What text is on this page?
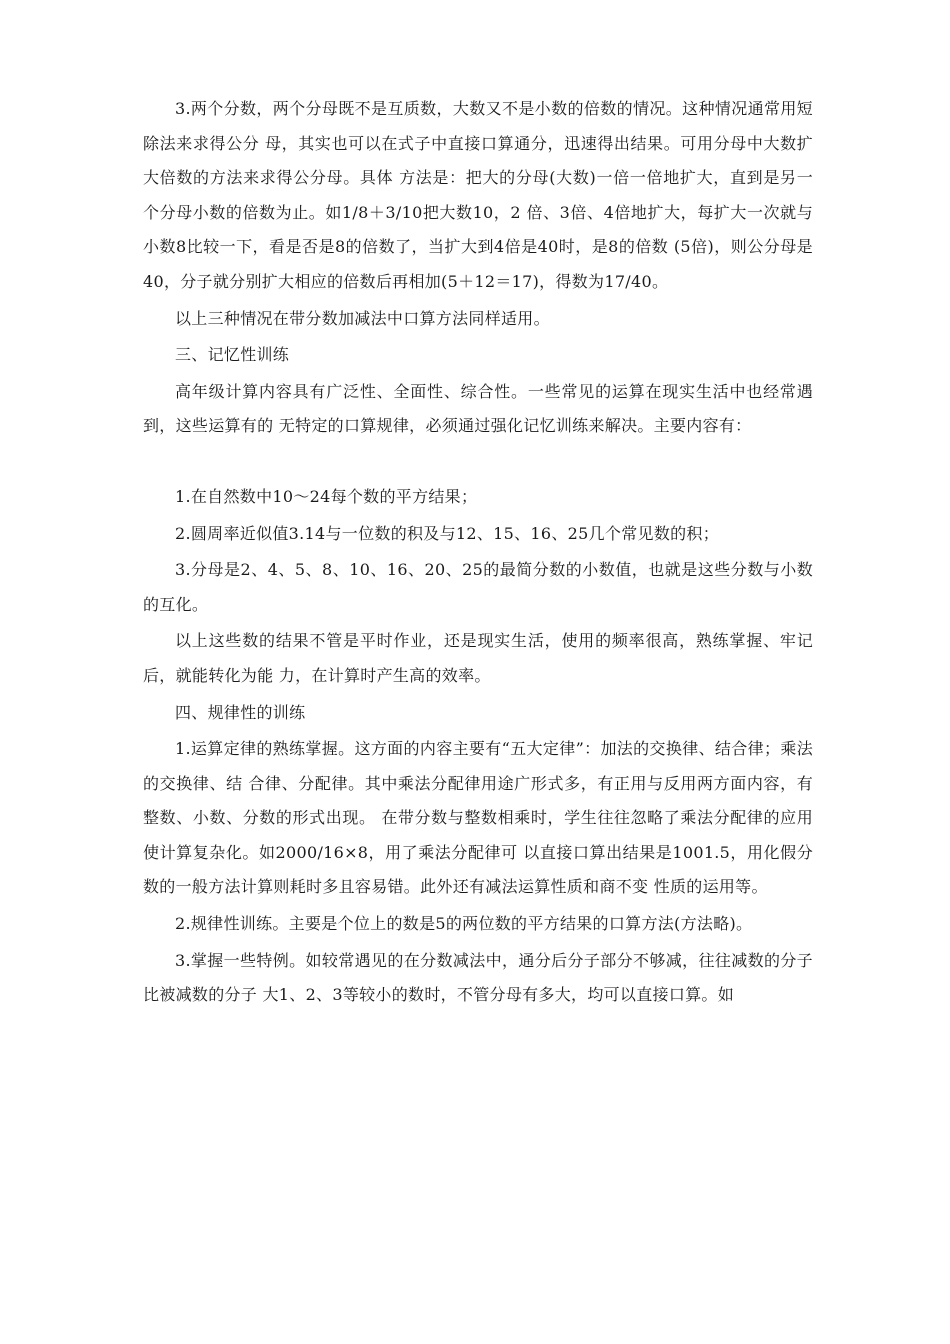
3.两个分数，两个分母既不是互质数，大数又不是小数的倍数的情况。这种情况通常用短除法来求得公分 母，其实也可以在式子中直接口算通分，迅速得出结果。可用分母中大数扩大倍数的方法来求得公分母。具体 方法是：把大的分母(大数)一倍一倍地扩大，直到是另一个分母小数的倍数为止。如1/8＋3/10把大数10，2 倍、3倍、4倍地扩大，每扩大一次就与小数8比较一下，看是否是8的倍数了，当扩大到4倍是40时，是8的倍数 (5倍)，则公分母是40，分子就分别扩大相应的倍数后再相加(5＋12＝17)，得数为17/40。

以上三种情况在带分数加减法中口算方法同样适用。

三、记忆性训练

高年级计算内容具有广泛性、全面性、综合性。一些常见的运算在现实生活中也经常遇到，这些运算有的 无特定的口算规律，必须通过强化记忆训练来解决。主要内容有：

1.在自然数中10～24每个数的平方结果；

2.圆周率近似值3.14与一位数的积及与12、15、16、25几个常见数的积；

3.分母是2、4、5、8、10、16、20、25的最简分数的小数值，也就是这些分数与小数的互化。

以上这些数的结果不管是平时作业，还是现实生活，使用的频率很高，熟练掌握、牢记后，就能转化为能 力，在计算时产生高的效率。

四、规律性的训练

1.运算定律的熟练掌握。这方面的内容主要有“五大定律”：加法的交换律、结合律；乘法的交换律、结 合律、分配律。其中乘法分配律用途广形式多，有正用与反用两方面内容，有整数、小数、分数的形式出现。 在带分数与整数相乘时，学生往往忽略了乘法分配律的应用使计算复杂化。如2000/16×8，用了乘法分配律可 以直接口算出结果是1001.5，用化假分数的一般方法计算则耗时多且容易错。此外还有减法运算性质和商不变 性质的运用等。

2.规律性训练。主要是个位上的数是5的两位数的平方结果的口算方法(方法略)。

3.掌握一些特例。如较常遇见的在分数减法中，通分后分子部分不够减，往往减数的分子比被减数的分子 大1、2、3等较小的数时，不管分母有多大，均可以直接口算。如
